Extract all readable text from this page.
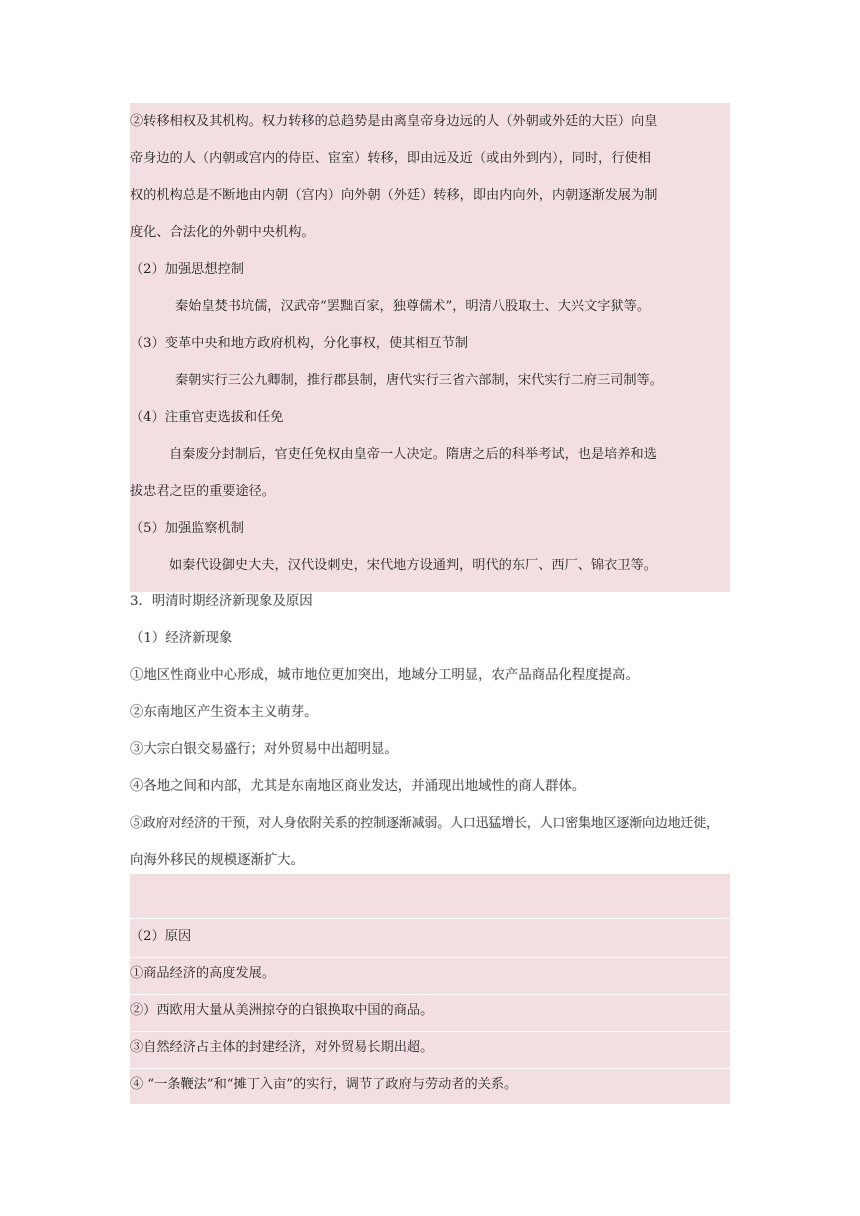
②转移相权及其机构。权力转移的总趋势是由离皇帝身边远的人（外朝或外廷的大臣）向皇
帝身边的人（内朝或宫内的侍臣、宦室）转移，即由远及近（或由外到内），同时，行使相
权的机构总是不断地由内朝（宫内）向外朝（外廷）转移，即由内向外，内朝逐渐发展为制
度化、合法化的外朝中央机构。
（2）加强思想控制
秦始皇焚书坑儒，汉武帝“罢黜百家，独尊儒术”，明清八股取士、大兴文字狱等。
（3）变革中央和地方政府机构，分化事权，使其相互节制
秦朝实行三公九卿制，推行郡县制，唐代实行三省六部制，宋代实行二府三司制等。
（4）注重官吏选拔和任免
自秦废分封制后，官吏任免权由皇帝一人决定。隋唐之后的科举考试，也是培养和选
拔忠君之臣的重要途径。
（5）加强监察机制
如秦代设御史大夫，汉代设刺史，宋代地方设通判，明代的东厂、西厂、锦衣卫等。
3．明清时期经济新现象及原因
（1）经济新现象
①地区性商业中心形成，城市地位更加突出，地域分工明显，农产品商品化程度提高。
②东南地区产生资本主义萌芽。
③大宗白银交易盛行；对外贸易中出超明显。
④各地之间和内部，尤其是东南地区商业发达，并涌现出地域性的商人群体。
⑤政府对经济的干预，对人身依附关系的控制逐渐减弱。人口迅猛增长，人口密集地区逐渐向边地迁徙，
向海外移民的规模逐渐扩大。
（2）原因
①商品经济的高度发展。
②）西欧用大量从美洲掠夺的白银换取中国的商品。
③自然经济占主体的封建经济，对外贸易长期出超。
④ “一条鞭法”和“摊丁入亩”的实行，调节了政府与劳动者的关系。
